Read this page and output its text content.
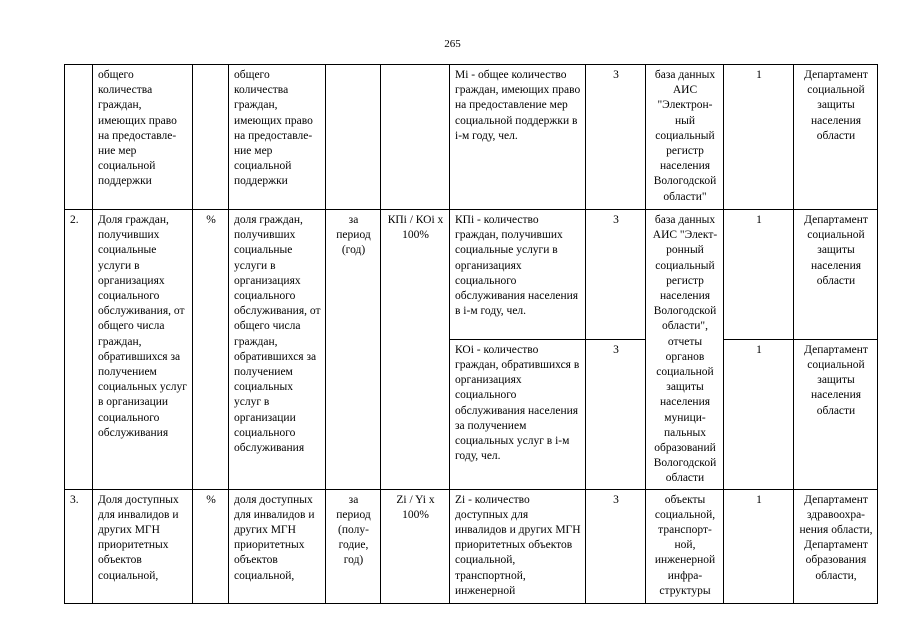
265
	общего количества граждан, имеющих право на предоставле- ние мер социальной поддержки		общего количества граждан, имеющих право на предоставле- ние мер социальной поддержки			Mi - общее количество граждан, имеющих право на предоставление мер социальной поддержки в i-м году, чел.	3	база данных АИС "Электрон- ный социальный регистр населения Вологодской области"	1	Департамент социальной защиты населения области
2.	Доля граждан, получивших социальные услуги в организациях социального обслуживания, от общего числа граждан, обратившихся за получением социальных услуг в организации социального обслуживания	%	доля граждан, получивших социальные услуги в организациях социального обслуживания, от общего числа граждан, обратившихся за получением социальных услуг в организации социального обслуживания	за период (год)	КПi / КОi х 100%	КПi - количество граждан, получивших социальные услуги в организациях социального обслуживания населения в i-м году, чел.	3	база данных АИС "Элект- ронный социальный регистр населения Вологодской области", отчеты органов социальной защиты населения муници- пальных образований Вологодской области	1	Департамент социальной защиты населения области
						КОi - количество граждан, обратившихся в организациях социального обслуживания населения за получением социальных услуг в i-м году, чел.	3		1	Департамент социальной защиты населения области
3.	Доля доступных для инвалидов и других МГН приоритетных объектов социальной,	%	доля доступных для инвалидов и других МГН приоритетных объектов социальной,	за период (полу- годие, год)	Zi / Yi х 100%	Zi - количество доступных для инвалидов и других МГН приоритетных объектов социальной, транспортной, инженерной	3	объекты социальной, транспорт- ной, инженерной инфра- структуры	1	Департамент здравоохра- нения области, Департамент образования области,
